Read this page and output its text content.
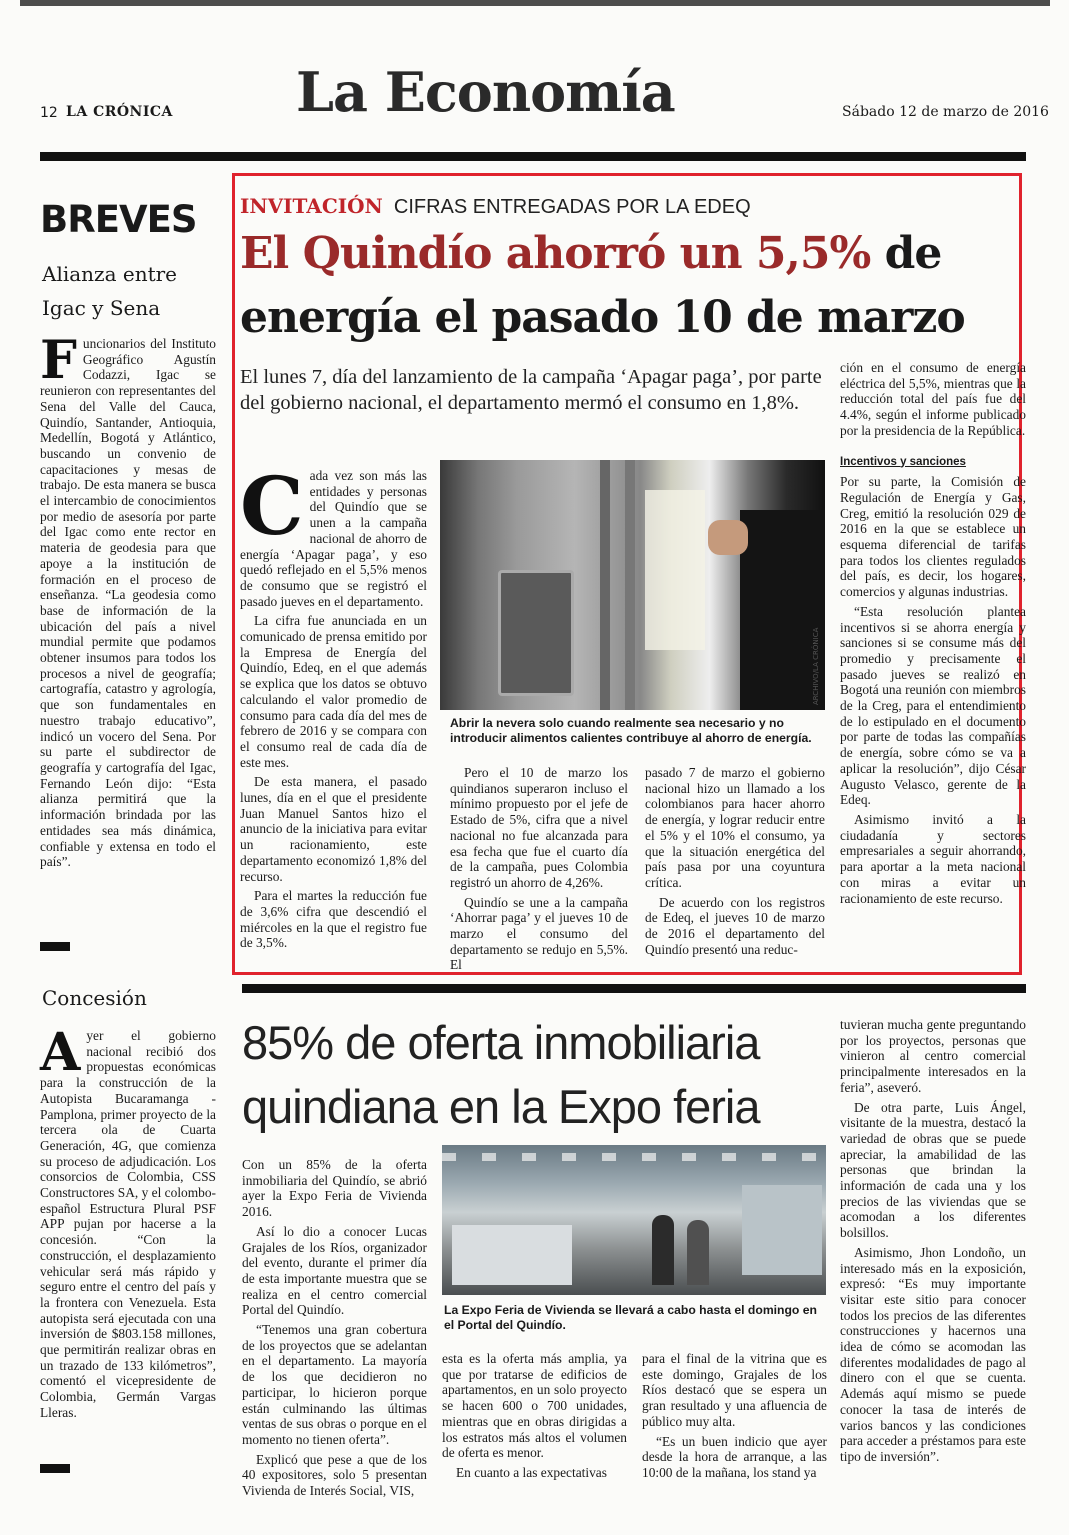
12 LA CRÓNICA La Economía	Sábado 12 de marzo de 2016
BREVES
Alianza entre
Igac y Sena

Funcionarios del Instituto Geográfico Agustín Codazzi, Igac se reunieron con representantes del Sena del Valle del Cauca, Quindío, Santander, Antioquia, Medellín, Bogotá y Atlántico, buscando un convenio de capacitaciones y mesas de trabajo. De esta manera se busca el intercambio de conocimientos por medio de asesoría por parte del Igac como ente rector en materia de geodesia para que apoye a la institución de formación en el proceso de enseñanza. “La geodesia como base de información de la ubicación del país a nivel mundial permite que podamos obtener insumos para todos los procesos a nivel de geografía; cartografía, catastro y agrología, que son fundamentales en nuestro trabajo educativo”, indicó un vocero del Sena. Por su parte el subdirector de geografía y cartografía del Igac, Fernando León dijo: “Esta alianza permitirá que la información brindada por las entidades sea más dinámica, confiable y extensa en todo el país”.

Concesión

Ayer el gobierno nacional recibió dos propuestas económicas para la construcción de la Autopista Bucaramanga - Pamplona, primer proyecto de la tercera ola de Cuarta Generación, 4G, que comienza su proceso de adjudicación. Los consorcios de Colombia, CSS Constructores SA, y el colombo-español Estructura Plural PSF APP pujan por hacerse a la concesión. “Con la construcción, el desplazamiento vehicular será más rápido y seguro entre el centro del país y la frontera con Venezuela. Esta autopista será ejecutada con una inversión de $803.158 millones, que permitirán realizar obras en un trazado de 133 kilómetros”, comentó el vicepresidente de Colombia, Germán Vargas Lleras.

INVITACIÓN CIFRAS ENTREGADAS POR LA EDEQ
El Quindío ahorró un 5,5% de
energía el pasado 10 de marzo
El lunes 7, día del lanzamiento de la campaña ‘Apagar paga’, por parte del gobierno nacional, el departamento mermó el consumo en 1,8%.

Cada vez son más las entidades y personas del Quindío que se unen a la campaña nacional de ahorro de energía ‘Apagar paga’, y eso quedó reflejado en el 5,5% menos de consumo que se registró el pasado jueves en el departamento.

La cifra fue anunciada en un comunicado de prensa emitido por la Empresa de Energía del Quindío, Edeq, en el que además se explica que los datos se obtuvo calculando el valor promedio de consumo para cada día del mes de febrero de 2016 y se compara con el consumo real de cada día de este mes.

De esta manera, el pasado lunes, día en el que el presidente Juan Manuel Santos hizo el anuncio de la iniciativa para evitar un racionamiento, este departamento economizó 1,8% del recurso.

Para el martes la reducción fue de 3,6% cifra que descendió el miércoles en la que el registro fue de 3,5%.

ARCHIVO/LA CRÓNICA
Abrir la nevera solo cuando realmente sea necesario y no introducir alimentos calientes contribuye al ahorro de energía.

Pero el 10 de marzo los quindianos superaron incluso el mínimo propuesto por el jefe de Estado de 5%, cifra que a nivel nacional no fue alcanzada para esa fecha que fue el cuarto día de la campaña, pues Colombia registró un ahorro de 4,26%.

Quindío se une a la campaña ‘Ahorrar paga’ y el jueves 10 de marzo el consumo del departamento se redujo en 5,5%. El

pasado 7 de marzo el gobierno nacional hizo un llamado a los colombianos para hacer ahorro de energía, y lograr reducir entre el 5% y el 10% el consumo, ya que la situación energética del país pasa por una coyuntura crítica.

De acuerdo con los registros de Edeq, el jueves 10 de marzo de 2016 el departamento del Quindío presentó una reduc-

ción en el consumo de energía eléctrica del 5,5%, mientras que la reducción total del país fue del 4.4%, según el informe publicado por la presidencia de la República.

Incentivos y sanciones

Por su parte, la Comisión de Regulación de Energía y Gas, Creg, emitió la resolución 029 de 2016 en la que se establece un esquema diferencial de tarifas para todos los clientes regulados del país, es decir, los hogares, comercios y algunas industrias.

“Esta resolución plantea incentivos si se ahorra energía y sanciones si se consume más del promedio y precisamente el pasado jueves se realizó en Bogotá una reunión con miembros de la Creg, para el entendimiento de lo estipulado en el documento por parte de todas las compañías de energía, sobre cómo se va a aplicar la resolución”, dijo César Augusto Velasco, gerente de la Edeq.

Asimismo invitó a la ciudadanía y sectores empresariales a seguir ahorrando, para aportar a la meta nacional con miras a evitar un racionamiento de este recurso.

85% de oferta inmobiliaria
quindiana en la Expo feria

Con un 85% de la oferta inmobiliaria del Quindío, se abrió ayer la Expo Feria de Vivienda 2016.

Así lo dio a conocer Lucas Grajales de los Ríos, organizador del evento, durante el primer día de esta importante muestra que se realiza en el centro comercial Portal del Quindío.

“Tenemos una gran cobertura de los proyectos que se adelantan en el departamento. La mayoría de los que decidieron no participar, lo hicieron porque están culminando las últimas ventas de sus obras o porque en el momento no tienen oferta”.

Explicó que pese a que de los 40 expositores, solo 5 presentan Vivienda de Interés Social, VIS,

La Expo Feria de Vivienda se llevará a cabo hasta el domingo en el Portal del Quindío.

esta es la oferta más amplia, ya que por tratarse de edificios de apartamentos, en un solo proyecto se hacen 600 o 700 unidades, mientras que en obras dirigidas a los estratos más altos el volumen de oferta es menor.

En cuanto a las expectativas

para el final de la vitrina que es este domingo, Grajales de los Ríos destacó que se espera un gran resultado y una afluencia de público muy alta.

“Es un buen indicio que ayer desde la hora de arranque, a las 10:00 de la mañana, los stand ya

tuvieran mucha gente preguntando por los proyectos, personas que vinieron al centro comercial principalmente interesados en la feria”, aseveró.

De otra parte, Luis Ángel, visitante de la muestra, destacó la variedad de obras que se puede apreciar, la amabilidad de las personas que brindan la información de cada una y los precios de las viviendas que se acomodan a los diferentes bolsillos.

Asimismo, Jhon Londoño, un interesado más en la exposición, expresó: “Es muy importante visitar este sitio para conocer todos los precios de las diferentes construcciones y hacernos una idea de cómo se acomodan las diferentes modalidades de pago al dinero con el que se cuenta. Además aquí mismo se puede conocer la tasa de interés de varios bancos y las condiciones para acceder a préstamos para este tipo de inversión”.
